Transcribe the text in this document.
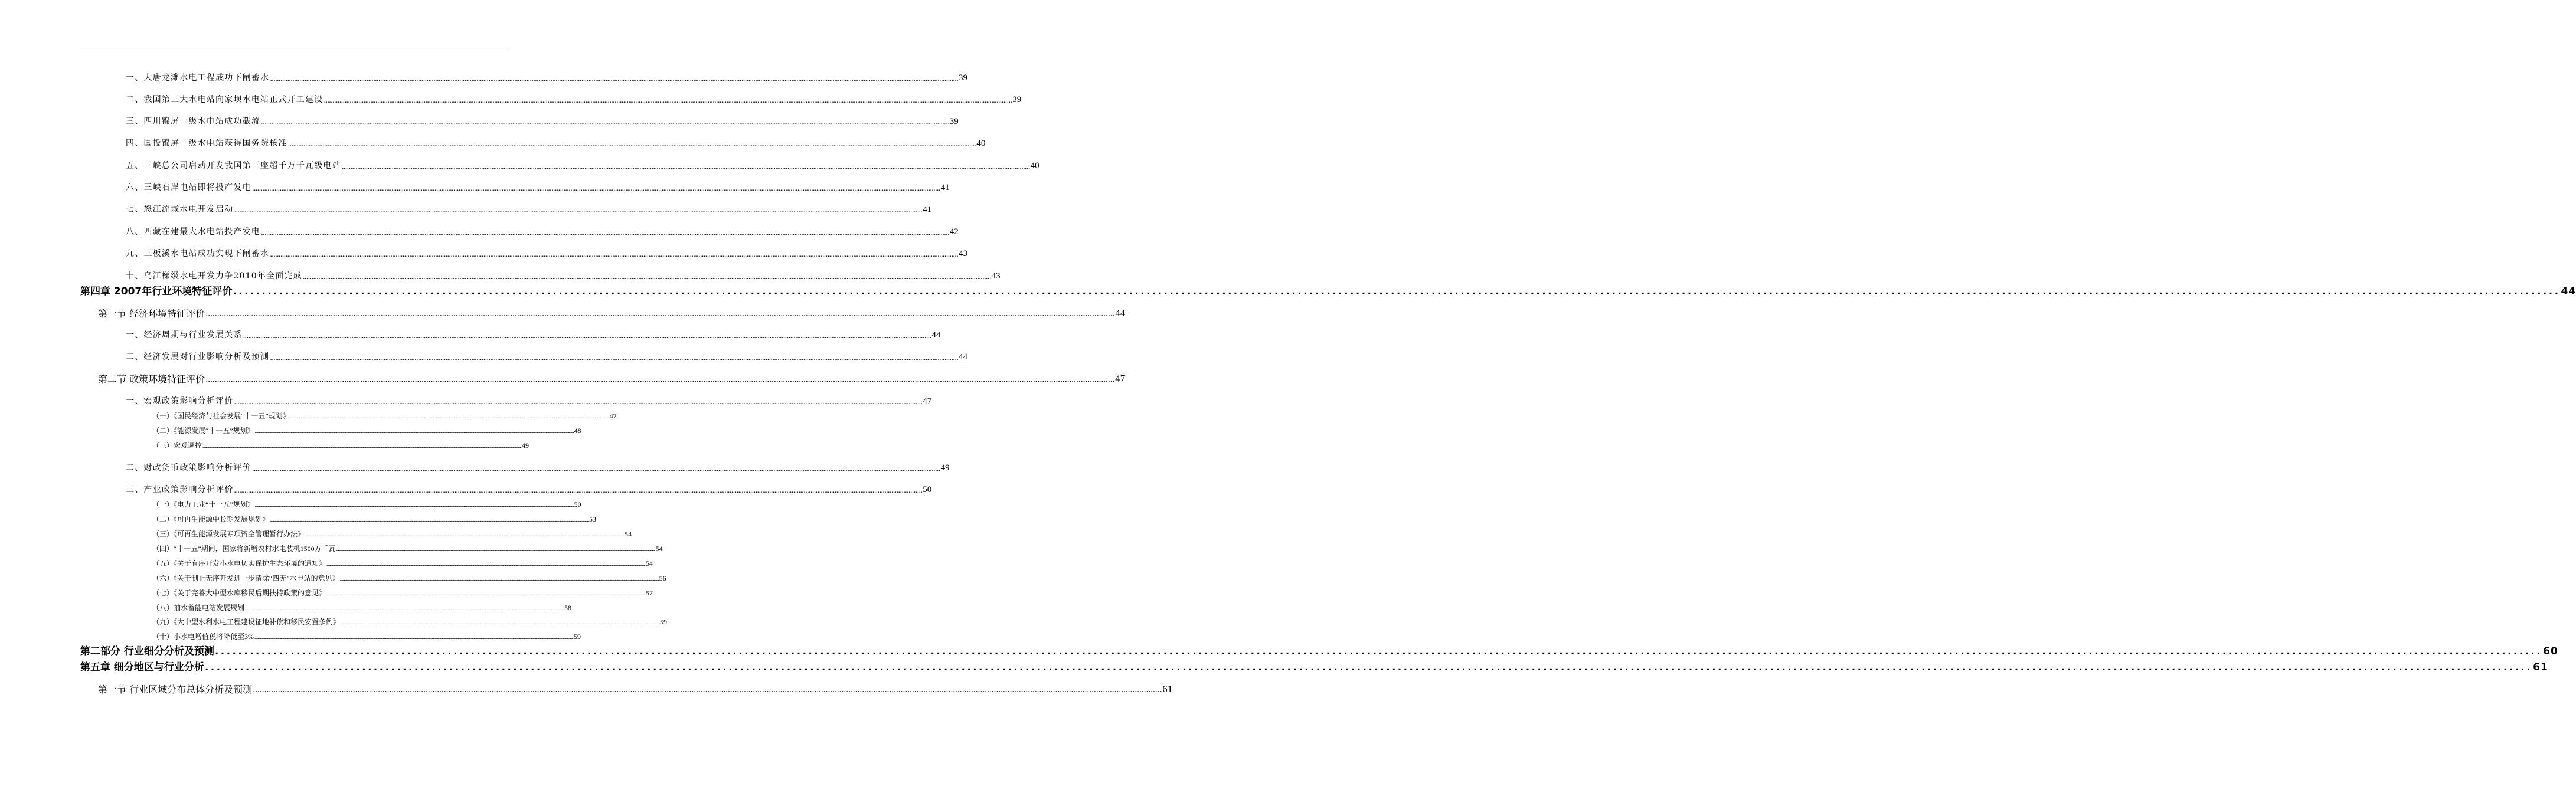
一、大唐龙滩水电工程成功下闸蓄水 ................................................................................................................................................................................................................................................................................................................................................................................................................ 39
二、我国第三大水电站向家坝水电站正式开工建设 ................................................................................................................................................................................................................................................................................................................................................................................................................ 39
三、四川锦屏一级水电站成功截流 ................................................................................................................................................................................................................................................................................................................................................................................................................ 39
四、国投锦屏二级水电站获得国务院核准 ................................................................................................................................................................................................................................................................................................................................................................................................................ 40
五、三峡总公司启动开发我国第三座超千万千瓦级电站 ................................................................................................................................................................................................................................................................................................................................................................................................................ 40
六、三峡右岸电站即将投产发电 ................................................................................................................................................................................................................................................................................................................................................................................................................ 41
七、怒江流域水电开发启动 ................................................................................................................................................................................................................................................................................................................................................................................................................ 41
八、西藏在建最大水电站投产发电 ................................................................................................................................................................................................................................................................................................................................................................................................................ 42
九、三板溪水电站成功实现下闸蓄水 ................................................................................................................................................................................................................................................................................................................................................................................................................ 43
十、乌江梯级水电开发力争2010年全面完成 ................................................................................................................................................................................................................................................................................................................................................................................................................ 43
第四章 2007年行业环境特征评价 ................................................................................................................................................................................................................................................................................................................................................................................................................ 44
第一节 经济环境特征评价 ................................................................................................................................................................................................................................................................................................................................................................................................................ 44
一、经济周期与行业发展关系 ................................................................................................................................................................................................................................................................................................................................................................................................................ 44
二、经济发展对行业影响分析及预测 ................................................................................................................................................................................................................................................................................................................................................................................................................ 44
第二节 政策环境特征评价 ................................................................................................................................................................................................................................................................................................................................................................................................................ 47
一、宏观政策影响分析评价 ................................................................................................................................................................................................................................................................................................................................................................................................................ 47
（一）《国民经济与社会发展“十一五”规划》 ................................................................................................................................................................................................................................................................................................................................................................................................................ 47
（二）《能源发展“十一五”规划》 ................................................................................................................................................................................................................................................................................................................................................................................................................ 48
（三）宏观调控 ................................................................................................................................................................................................................................................................................................................................................................................................................ 49
二、财政货币政策影响分析评价 ................................................................................................................................................................................................................................................................................................................................................................................................................ 49
三、产业政策影响分析评价 ................................................................................................................................................................................................................................................................................................................................................................................................................ 50
（一）《电力工业“十一五”规划》 ................................................................................................................................................................................................................................................................................................................................................................................................................ 50
（二）《可再生能源中长期发展规划》 ................................................................................................................................................................................................................................................................................................................................................................................................................ 53
（三）《可再生能源发展专项资金管理暂行办法》 ................................................................................................................................................................................................................................................................................................................................................................................................................ 54
（四）“十一五”期间，国家将新增农村水电装机1500万千瓦 ................................................................................................................................................................................................................................................................................................................................................................................................................ 54
（五）《关于有序开发小水电切实保护生态环境的通知》 ................................................................................................................................................................................................................................................................................................................................................................................................................ 54
（六）《关于制止无序开发进一步清除“四无”水电站的意见》 ................................................................................................................................................................................................................................................................................................................................................................................................................ 56
（七）《关于完善大中型水库移民后期扶持政策的意见》 ................................................................................................................................................................................................................................................................................................................................................................................................................ 57
（八）抽水蓄能电站发展规划 ................................................................................................................................................................................................................................................................................................................................................................................................................ 58
（九）《大中型水利水电工程建设征地补偿和移民安置条例》 ................................................................................................................................................................................................................................................................................................................................................................................................................ 59
（十）小水电增值税将降低至3% ................................................................................................................................................................................................................................................................................................................................................................................................................ 59
第二部分 行业细分分析及预测 ................................................................................................................................................................................................................................................................................................................................................................................................................ 60
第五章 细分地区与行业分析 ................................................................................................................................................................................................................................................................................................................................................................................................................ 61
第一节 行业区域分布总体分析及预测 ................................................................................................................................................................................................................................................................................................................................................................................................................ 61
